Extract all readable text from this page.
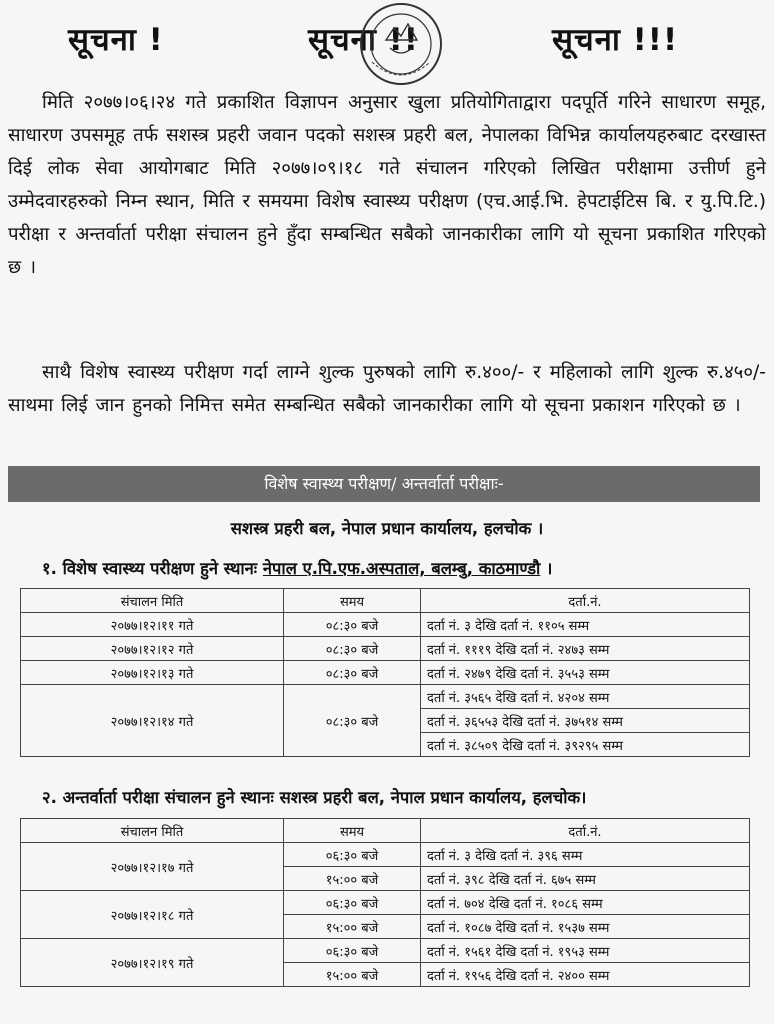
सूचना !	सूचना !!	सूचना !!!

मिति २०७७।०६।२४ गते प्रकाशित विज्ञापन अनुसार खुला प्रतियोगिताद्वारा पदपूर्ति गरिने साधारण समूह, साधारण उपसमूह तर्फ सशस्त्र प्रहरी जवान पदको सशस्त्र प्रहरी बल, नेपालका विभिन्न कार्यालयहरुबाट दरखास्त दिई लोक सेवा आयोगबाट मिति २०७७।०९।१८ गते संचालन गरिएको लिखित परीक्षामा उत्तीर्ण हुने उम्मेदवारहरुको निम्न स्थान, मिति र समयमा विशेष स्वास्थ्य परीक्षण (एच.आई.भि. हेपटाईटिस बि. र यु.पि.टि.) परीक्षा र अन्तर्वार्ता परीक्षा संचालन हुने हुँदा सम्बन्धित सबैको जानकारीका लागि यो सूचना प्रकाशित गरिएको छ ।

साथै विशेष स्वास्थ्य परीक्षण गर्दा लाग्ने शुल्क पुरुषको लागि रु.४००/- र महिलाको लागि शुल्क रु.४५०/- साथमा लिई जान हुनको निमित्त समेत सम्बन्धित सबैको जानकारीका लागि यो सूचना प्रकाशन गरिएको छ ।

विशेष स्वास्थ्य परीक्षण/ अन्तर्वार्ता परीक्षाः-
सशस्त्र प्रहरी बल, नेपाल प्रधान कार्यालय, हलचोक ।
१. विशेष स्वास्थ्य परीक्षण हुने स्थानः नेपाल ए.पि.एफ.अस्पताल, बलम्बु, काठमाण्डौ ।
संचालन मिति	समय	दर्ता.नं.
२०७७।१२।११ गते	०८:३० बजे	दर्ता नं. ३ देखि दर्ता नं. ११०५ सम्म
२०७७।१२।१२ गते	०८:३० बजे	दर्ता नं. १११९ देखि दर्ता नं. २४७३ सम्म
२०७७।१२।१३ गते	०८:३० बजे	दर्ता नं. २४७९ देखि दर्ता नं. ३५५३ सम्म
२०७७।१२।१४ गते	०८:३० बजे	दर्ता नं. ३५६५ देखि दर्ता नं. ४२०४ सम्म
		दर्ता नं. ३६५५३ देखि दर्ता नं. ३७५१४ सम्म
		दर्ता नं. ३८५०९ देखि दर्ता नं. ३९२९५ सम्म
२. अन्तर्वार्ता परीक्षा संचालन हुने स्थानः सशस्त्र प्रहरी बल, नेपाल प्रधान कार्यालय, हलचोक।
संचालन मिति	समय	दर्ता.नं.
२०७७।१२।१७ गते	०६:३० बजे	दर्ता नं. ३ देखि दर्ता नं. ३९६ सम्म
	१५:०० बजे	दर्ता नं. ३९८ देखि दर्ता नं. ६७५ सम्म
२०७७।१२।१८ गते	०६:३० बजे	दर्ता नं. ७०४ देखि दर्ता नं. १०८६ सम्म
	१५:०० बजे	दर्ता नं. १०८७ देखि दर्ता नं. १५३७ सम्म
२०७७।१२।१९ गते	०६:३० बजे	दर्ता नं. १५६१ देखि दर्ता नं. १९५३ सम्म
	१५:०० बजे	दर्ता नं. १९५६ देखि दर्ता नं. २४०० सम्म
